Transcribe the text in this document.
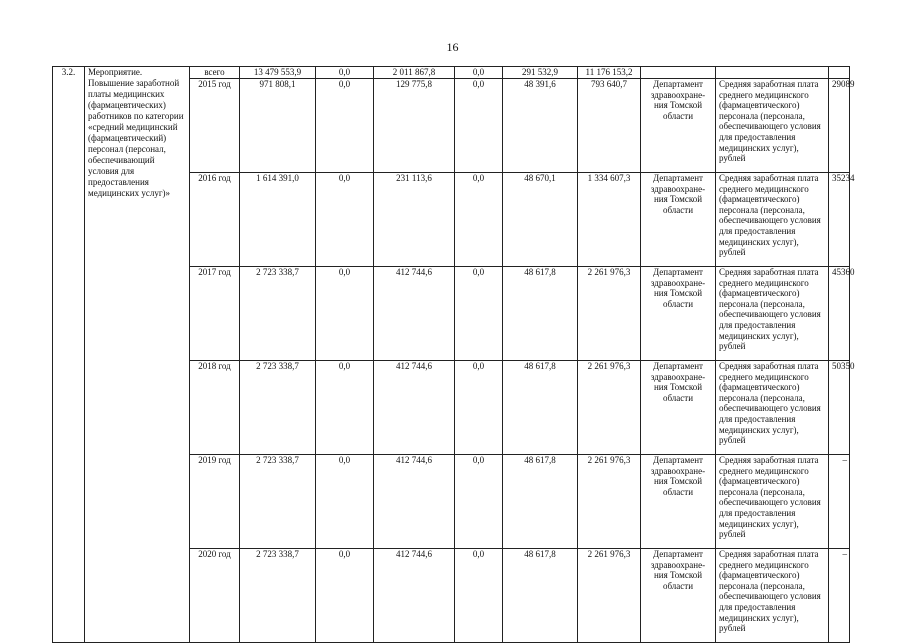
16
3.2.	Мероприятие. Повышение заработной платы медицинских (фармацевтических) работников по категории «средний медицинский (фармацевтический) персонал (персонал, обеспечивающий условия для предоставления медицинских услуг)»	всего	13 479 553,9	0,0	2 011 867,8	0,0	291 532,9	11 176 153,2			
		2015 год	971 808,1	0,0	129 775,8	0,0	48 391,6	793 640,7	Департамент здравоохране- ния Томской области	Средняя заработная плата среднего медицинского (фармацевтического) персонала (персонала, обеспечивающего условия для предоставления медицинских услуг), рублей	29089
		2016 год	1 614 391,0	0,0	231 113,6	0,0	48 670,1	1 334 607,3	Департамент здравоохране- ния Томской области	Средняя заработная плата среднего медицинского (фармацевтического) персонала (персонала, обеспечивающего условия для предоставления медицинских услуг), рублей	35234
		2017 год	2 723 338,7	0,0	412 744,6	0,0	48 617,8	2 261 976,3	Департамент здравоохране- ния Томской области	Средняя заработная плата среднего медицинского (фармацевтического) персонала (персонала, обеспечивающего условия для предоставления медицинских услуг), рублей	45360
		2018 год	2 723 338,7	0,0	412 744,6	0,0	48 617,8	2 261 976,3	Департамент здравоохране- ния Томской области	Средняя заработная плата среднего медицинского (фармацевтического) персонала (персонала, обеспечивающего условия для предоставления медицинских услуг), рублей	50350
		2019 год	2 723 338,7	0,0	412 744,6	0,0	48 617,8	2 261 976,3	Департамент здравоохране- ния Томской области	Средняя заработная плата среднего медицинского (фармацевтического) персонала (персонала, обеспечивающего условия для предоставления медицинских услуг), рублей	–
		2020 год	2 723 338,7	0,0	412 744,6	0,0	48 617,8	2 261 976,3	Департамент здравоохране- ния Томской области	Средняя заработная плата среднего медицинского (фармацевтического) персонала (персонала, обеспечивающего условия для предоставления медицинских услуг), рублей	–
